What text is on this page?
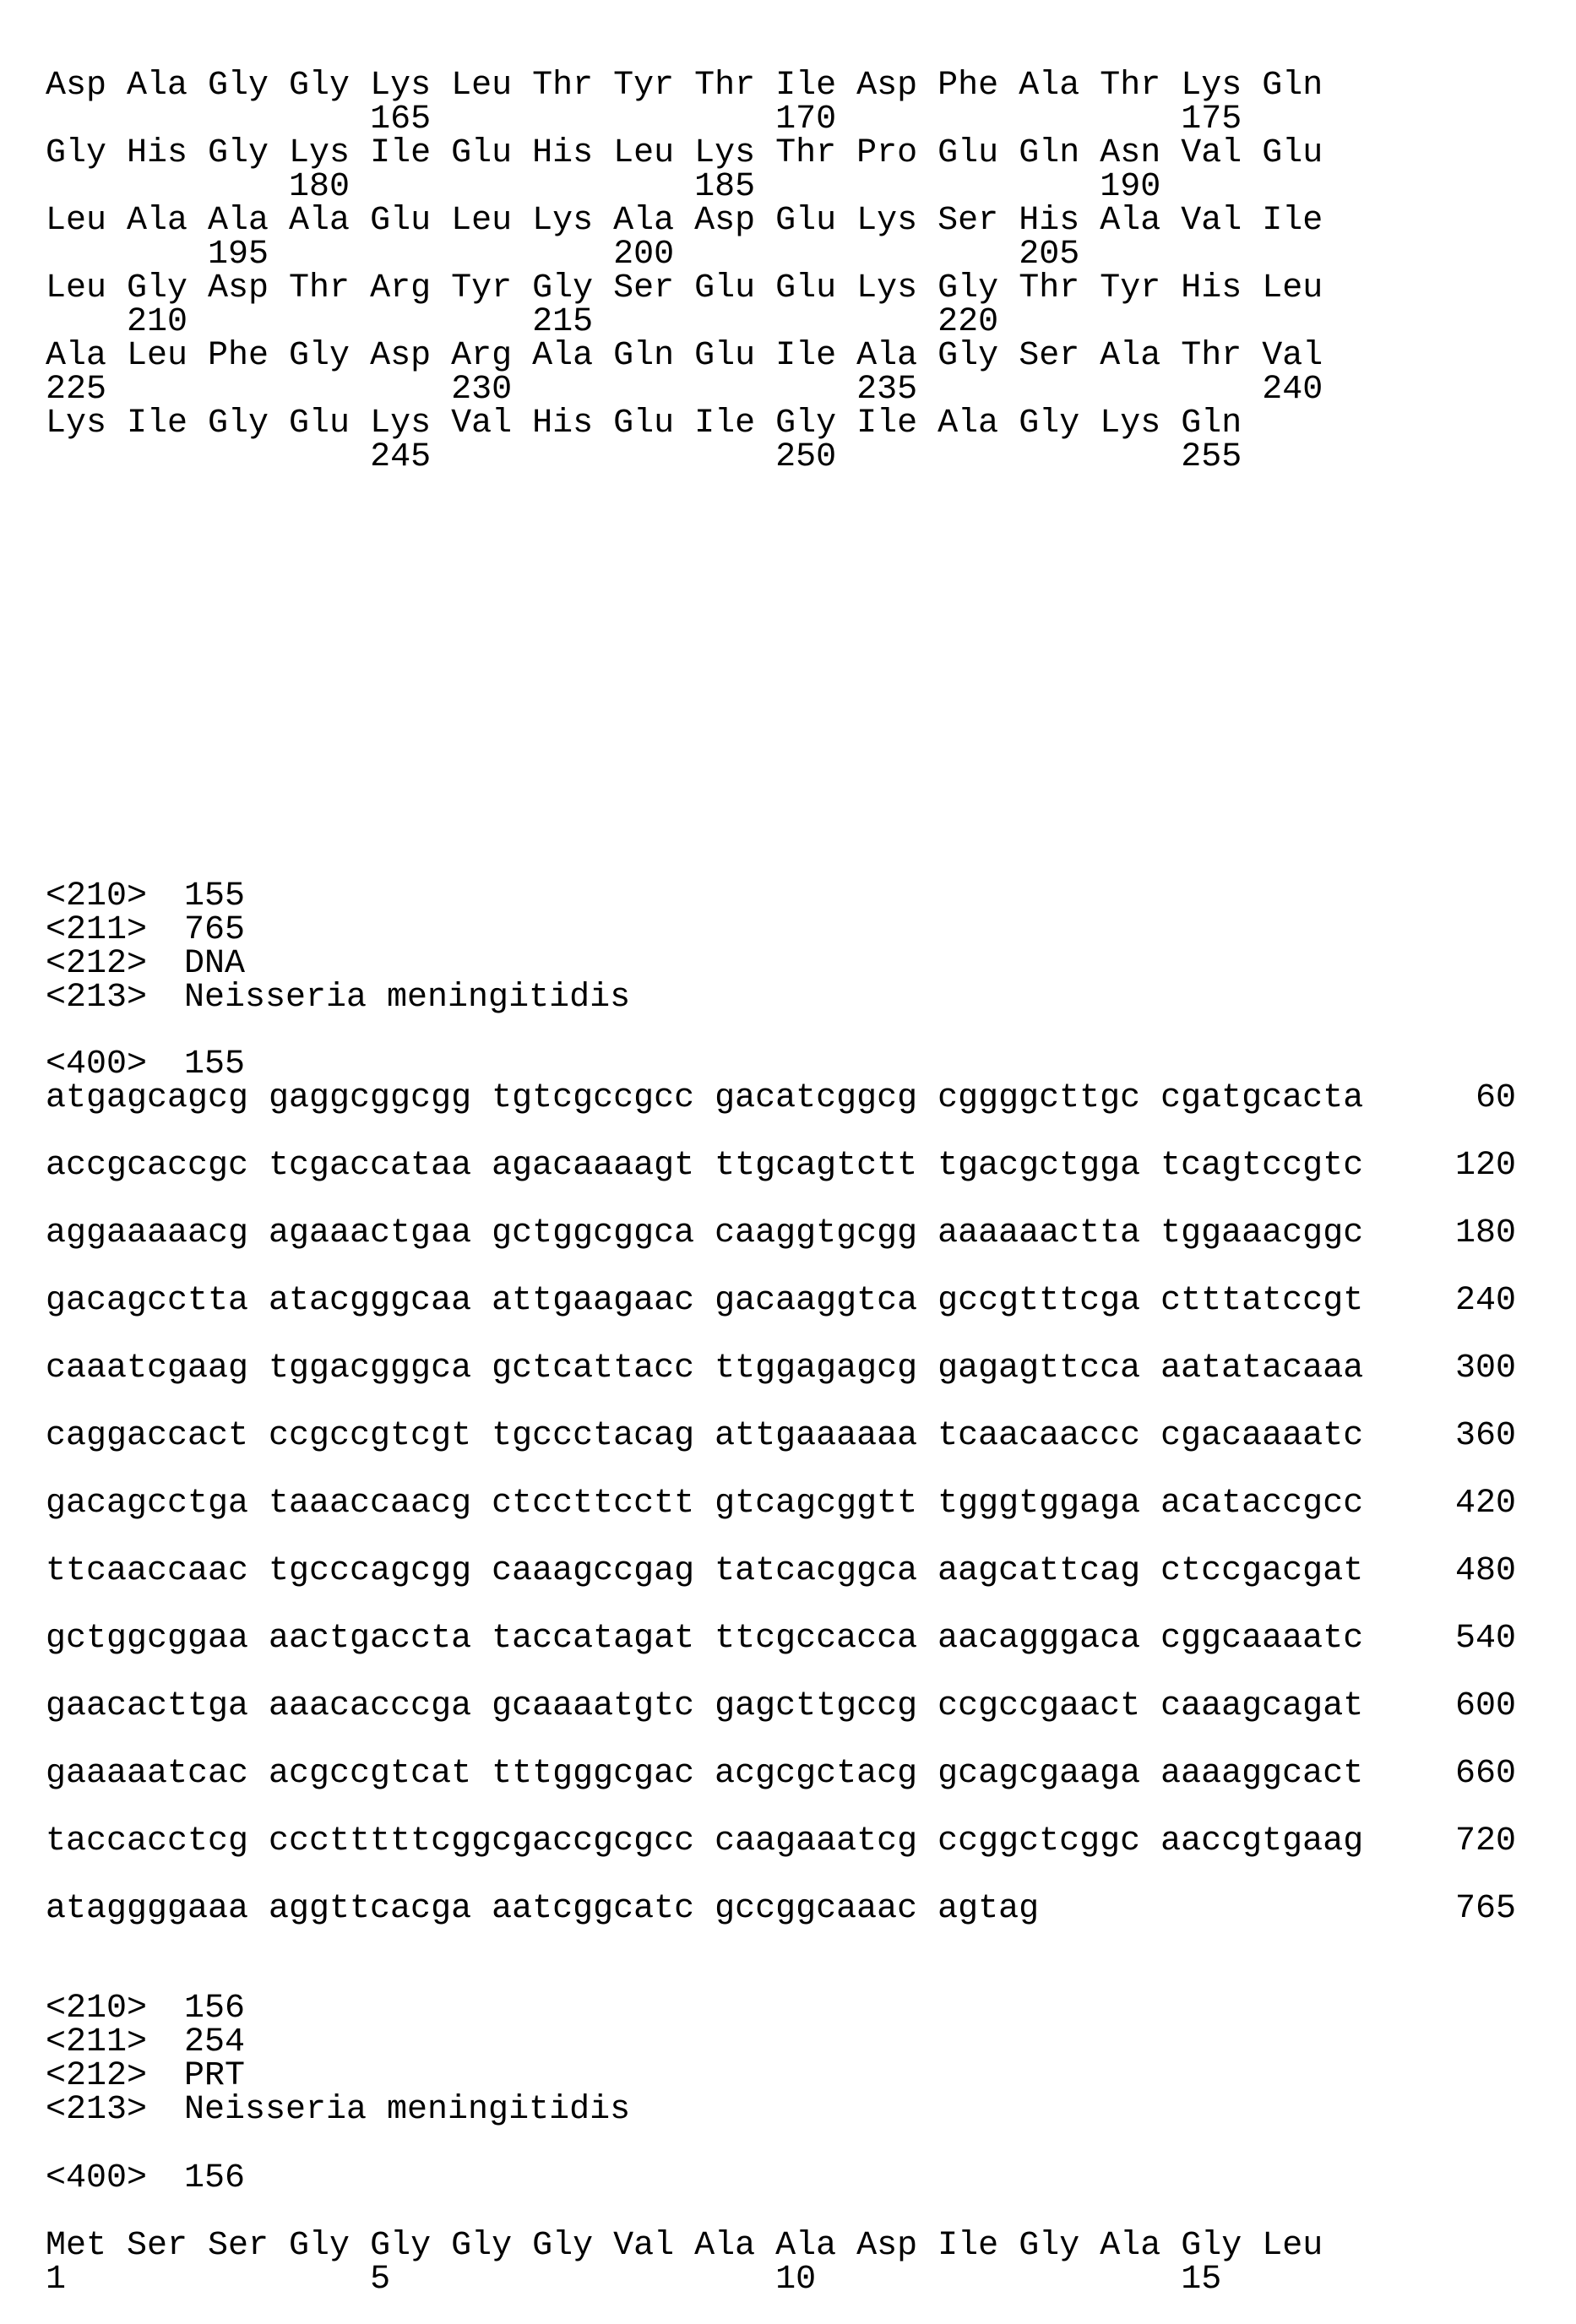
Asp Ala Gly Gly Lys Leu Thr Tyr Thr Ile Asp Phe Ala Thr Lys Gln
165	170	175
Gly His Gly Lys Ile Glu His Leu Lys Thr Pro Glu Gln Asn Val Glu
180	185	190
Leu Ala Ala Ala Glu Leu Lys Ala Asp Glu Lys Ser His Ala Val Ile
195	200	205
Leu Gly Asp Thr Arg Tyr Gly Ser Glu Glu Lys Gly Thr Tyr His Leu
210	215	220
Ala Leu Phe Gly Asp Arg Ala Gln Glu Ile Ala Gly Ser Ala Thr Val
225	230	235	240
Lys Ile Gly Glu Lys Val His Glu Ile Gly Ile Ala Gly Lys Gln
245	250	255
<210> 155
<211> 765
<212> DNA
<213> Neisseria meningitidis
<400> 155
atgagcagcg gaggcggcgg tgtcgccgcc gacatcggcg cggggcttgc cgatgcacta	60
accgcaccgc tcgaccataa agacaaaagt ttgcagtctt tgacgctgga tcagtccgtc	120
aggaaaaacg agaaactgaa gctggcggca caaggtgcgg aaaaaactta tggaaacggc	180
gacagcctta atacgggcaa attgaagaac gacaaggtca gccgtttcga ctttatccgt	240
caaatcgaag tggacgggca gctcattacc ttggagagcg gagagttcca aatatacaaa	300
caggaccact ccgccgtcgt tgccctacag attgaaaaaa tcaacaaccc cgacaaaatc	360
gacagcctga taaaccaacg ctccttcctt gtcagcggtt tgggtggaga acataccgcc	420
ttcaaccaac tgcccagcgg caaagccgag tatcacggca aagcattcag ctccgacgat	480
gctggcggaa aactgaccta taccatagat ttcgccacca aacagggaca cggcaaaatc	540
gaacacttga aaacacccga gcaaaatgtc gagcttgccg ccgccgaact caaagcagat	600
gaaaaatcac acgccgtcat tttgggcgac acgcgctacg gcagcgaaga aaaaggcact	660
taccacctcg ccctttttcggcgaccgcgcc caagaaatcg ccggctcggc aaccgtgaag	720
ataggggaaa aggttcacga aatcggcatc gccggcaaac agtag	765
<210> 156
<211> 254
<212> PRT
<213> Neisseria meningitidis
<400> 156
Met Ser Ser Gly Gly Gly Gly Val Ala Ala Asp Ile Gly Ala Gly Leu
1	5	10	15
